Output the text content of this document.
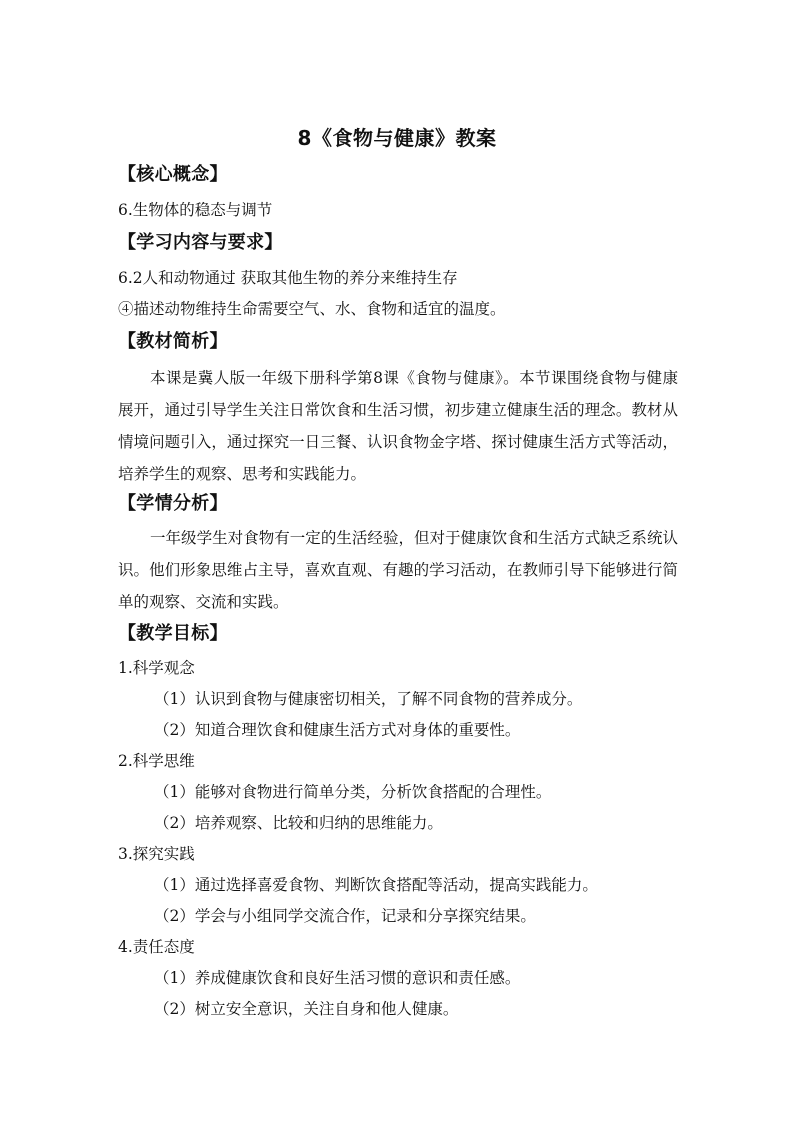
8《食物与健康》教案
【核心概念】
6.生物体的稳态与调节
【学习内容与要求】
6.2人和动物通过 获取其他生物的养分来维持生存
④描述动物维持生命需要空气、水、食物和适宜的温度。
【教材简析】
本课是冀人版一年级下册科学第8课《食物与健康》。本节课围绕食物与健康展开，通过引导学生关注日常饮食和生活习惯，初步建立健康生活的理念。教材从情境问题引入，通过探究一日三餐、认识食物金字塔、探讨健康生活方式等活动，培养学生的观察、思考和实践能力。
【学情分析】
一年级学生对食物有一定的生活经验，但对于健康饮食和生活方式缺乏系统认识。他们形象思维占主导，喜欢直观、有趣的学习活动，在教师引导下能够进行简单的观察、交流和实践。
【教学目标】
1.科学观念
（1）认识到食物与健康密切相关，了解不同食物的营养成分。
（2）知道合理饮食和健康生活方式对身体的重要性。
2.科学思维
（1）能够对食物进行简单分类，分析饮食搭配的合理性。
（2）培养观察、比较和归纳的思维能力。
3.探究实践
（1）通过选择喜爱食物、判断饮食搭配等活动，提高实践能力。
（2）学会与小组同学交流合作，记录和分享探究结果。
4.责任态度
（1）养成健康饮食和良好生活习惯的意识和责任感。
（2）树立安全意识，关注自身和他人健康。
